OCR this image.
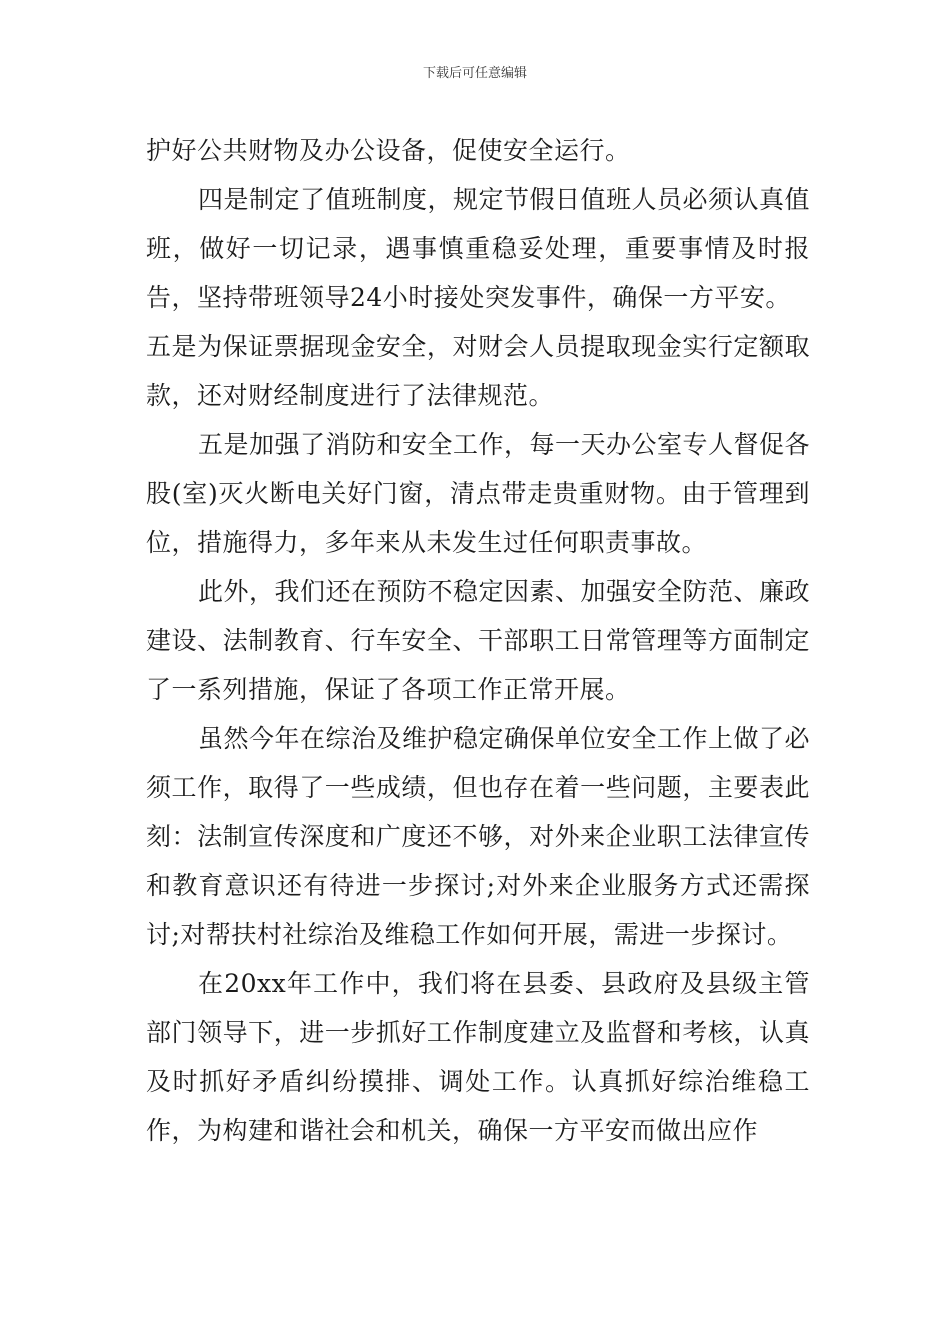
下载后可任意编辑

护好公共财物及办公设备，促使安全运行。

四是制定了值班制度，规定节假日值班人员必须认真值班，做好一切记录，遇事慎重稳妥处理，重要事情及时报告，坚持带班领导24小时接处突发事件，确保一方平安。

五是为保证票据现金安全，对财会人员提取现金实行定额取款，还对财经制度进行了法律规范。

五是加强了消防和安全工作，每一天办公室专人督促各股(室)灭火断电关好门窗，清点带走贵重财物。由于管理到位，措施得力，多年来从未发生过任何职责事故。

此外，我们还在预防不稳定因素、加强安全防范、廉政建设、法制教育、行车安全、干部职工日常管理等方面制定了一系列措施，保证了各项工作正常开展。

虽然今年在综治及维护稳定确保单位安全工作上做了必须工作，取得了一些成绩，但也存在着一些问题，主要表此刻：法制宣传深度和广度还不够，对外来企业职工法律宣传和教育意识还有待进一步探讨;对外来企业服务方式还需探讨;对帮扶村社综治及维稳工作如何开展，需进一步探讨。

在20xx年工作中，我们将在县委、县政府及县级主管部门领导下，进一步抓好工作制度建立及监督和考核，认真及时抓好矛盾纠纷摸排、调处工作。认真抓好综治维稳工作，为构建和谐社会和机关，确保一方平安而做出应作
